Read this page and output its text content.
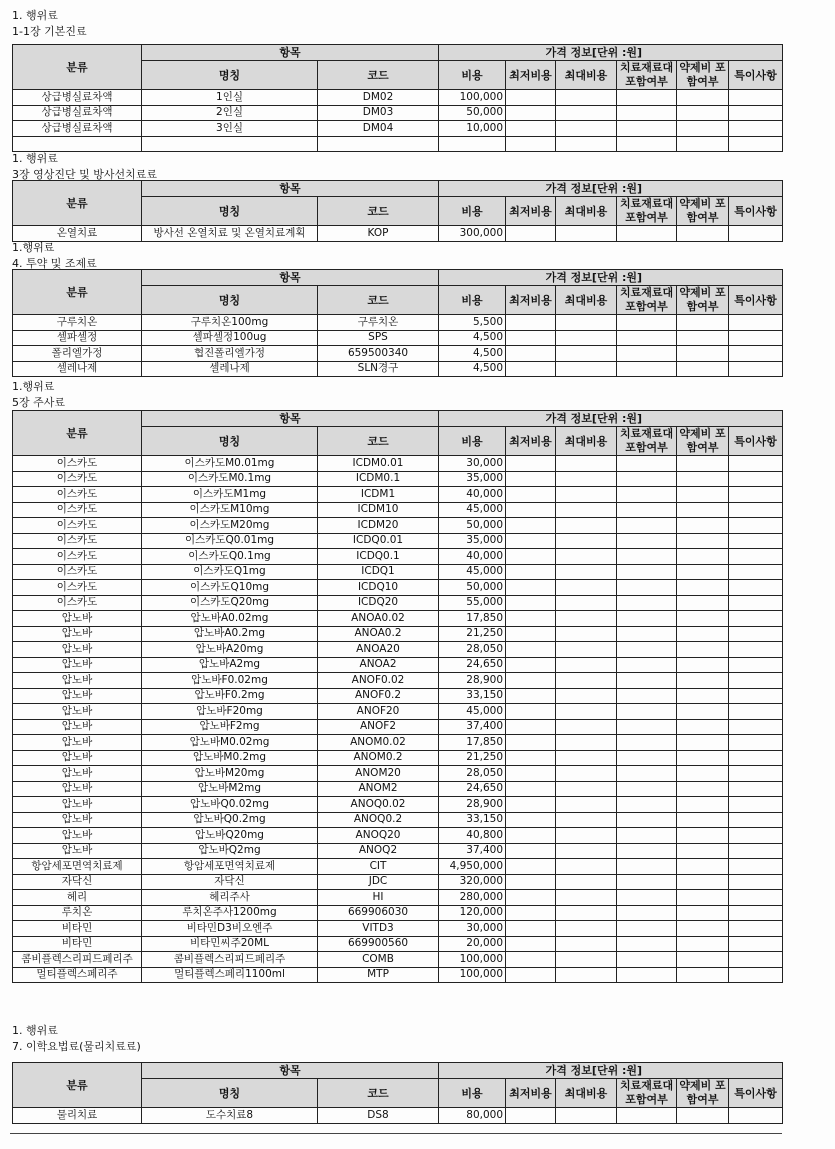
1. 행위료
1-1장 기본진료
분류	항목		가격 정보[단위 :원]					
	명칭	코드	비용	최저비용	최대비용	치료재료대 포함여부	약제비 포함여부	특이사항
상급병실료차액	1인실	DM02	100,000					
상급병실료차액	2인실	DM03	50,000					
상급병실료차액	3인실	DM04	10,000					

1. 행위료
3장 영상진단 및 방사선치료료
분류	항목		가격 정보[단위 :원]					
	명칭	코드	비용	최저비용	최대비용	치료재료대 포함여부	약제비 포함여부	특이사항
온열치료	방사선 온열치료 및 온열치료계획	KOP	300,000					
1.행위료
4. 투약 및 조제료
분류	항목		가격 정보[단위 :원]					
	명칭	코드	비용	최저비용	최대비용	치료재료대 포함여부	약제비 포함여부	특이사항
구루치온	구루치온100mg	구루치온	5,500					
셀파셀정	셀파셀정100ug	SPS	4,500					
폴리엘가정	협진폴리엘가정	659500340	4,500					
셀레나제	셀레나제	SLN경구	4,500					
1.행위료
5장 주사료
분류	항목		가격 정보[단위 :원]					
	명칭	코드	비용	최저비용	최대비용	치료재료대 포함여부	약제비 포함여부	특이사항
이스카도	이스카도M0.01mg	ICDM0.01	30,000					
이스카도	이스카도M0.1mg	ICDM0.1	35,000					
이스카도	이스카도M1mg	ICDM1	40,000					
이스카도	이스카도M10mg	ICDM10	45,000					
이스카도	이스카도M20mg	ICDM20	50,000					
이스카도	이스카도Q0.01mg	ICDQ0.01	35,000					
이스카도	이스카도Q0.1mg	ICDQ0.1	40,000					
이스카도	이스카도Q1mg	ICDQ1	45,000					
이스카도	이스카도Q10mg	ICDQ10	50,000					
이스카도	이스카도Q20mg	ICDQ20	55,000					
압노바	압노바A0.02mg	ANOA0.02	17,850					
압노바	압노바A0.2mg	ANOA0.2	21,250					
압노바	압노바A20mg	ANOA20	28,050					
압노바	압노바A2mg	ANOA2	24,650					
압노바	압노바F0.02mg	ANOF0.02	28,900					
압노바	압노바F0.2mg	ANOF0.2	33,150					
압노바	압노바F20mg	ANOF20	45,000					
압노바	압노바F2mg	ANOF2	37,400					
압노바	압노바M0.02mg	ANOM0.02	17,850					
압노바	압노바M0.2mg	ANOM0.2	21,250					
압노바	압노바M20mg	ANOM20	28,050					
압노바	압노바M2mg	ANOM2	24,650					
압노바	압노바Q0.02mg	ANOQ0.02	28,900					
압노바	압노바Q0.2mg	ANOQ0.2	33,150					
압노바	압노바Q20mg	ANOQ20	40,800					
압노바	압노바Q2mg	ANOQ2	37,400					
항암세포면역치료제	항암세포면역치료제	CIT	4,950,000					
자닥신	자닥신	JDC	320,000					
헤리	헤리주사	HI	280,000					
루치온	루치온주사1200mg	669906030	120,000					
비타민	비타민D3비오엔주	VITD3	30,000					
비타민	비타민씨주20ML	669900560	20,000					
콤비플렉스리피드페리주	콤비플렉스리피드페리주	COMB	100,000					
멀티플렉스페리주	멀티플렉스페리1100ml	MTP	100,000					
1. 행위료
7. 이학요법료(물리치료료)
분류	항목		가격 정보[단위 :원]					
	명칭	코드	비용	최저비용	최대비용	치료재료대 포함여부	약제비 포함여부	특이사항
물리치료	도수치료8	DS8	80,000					
